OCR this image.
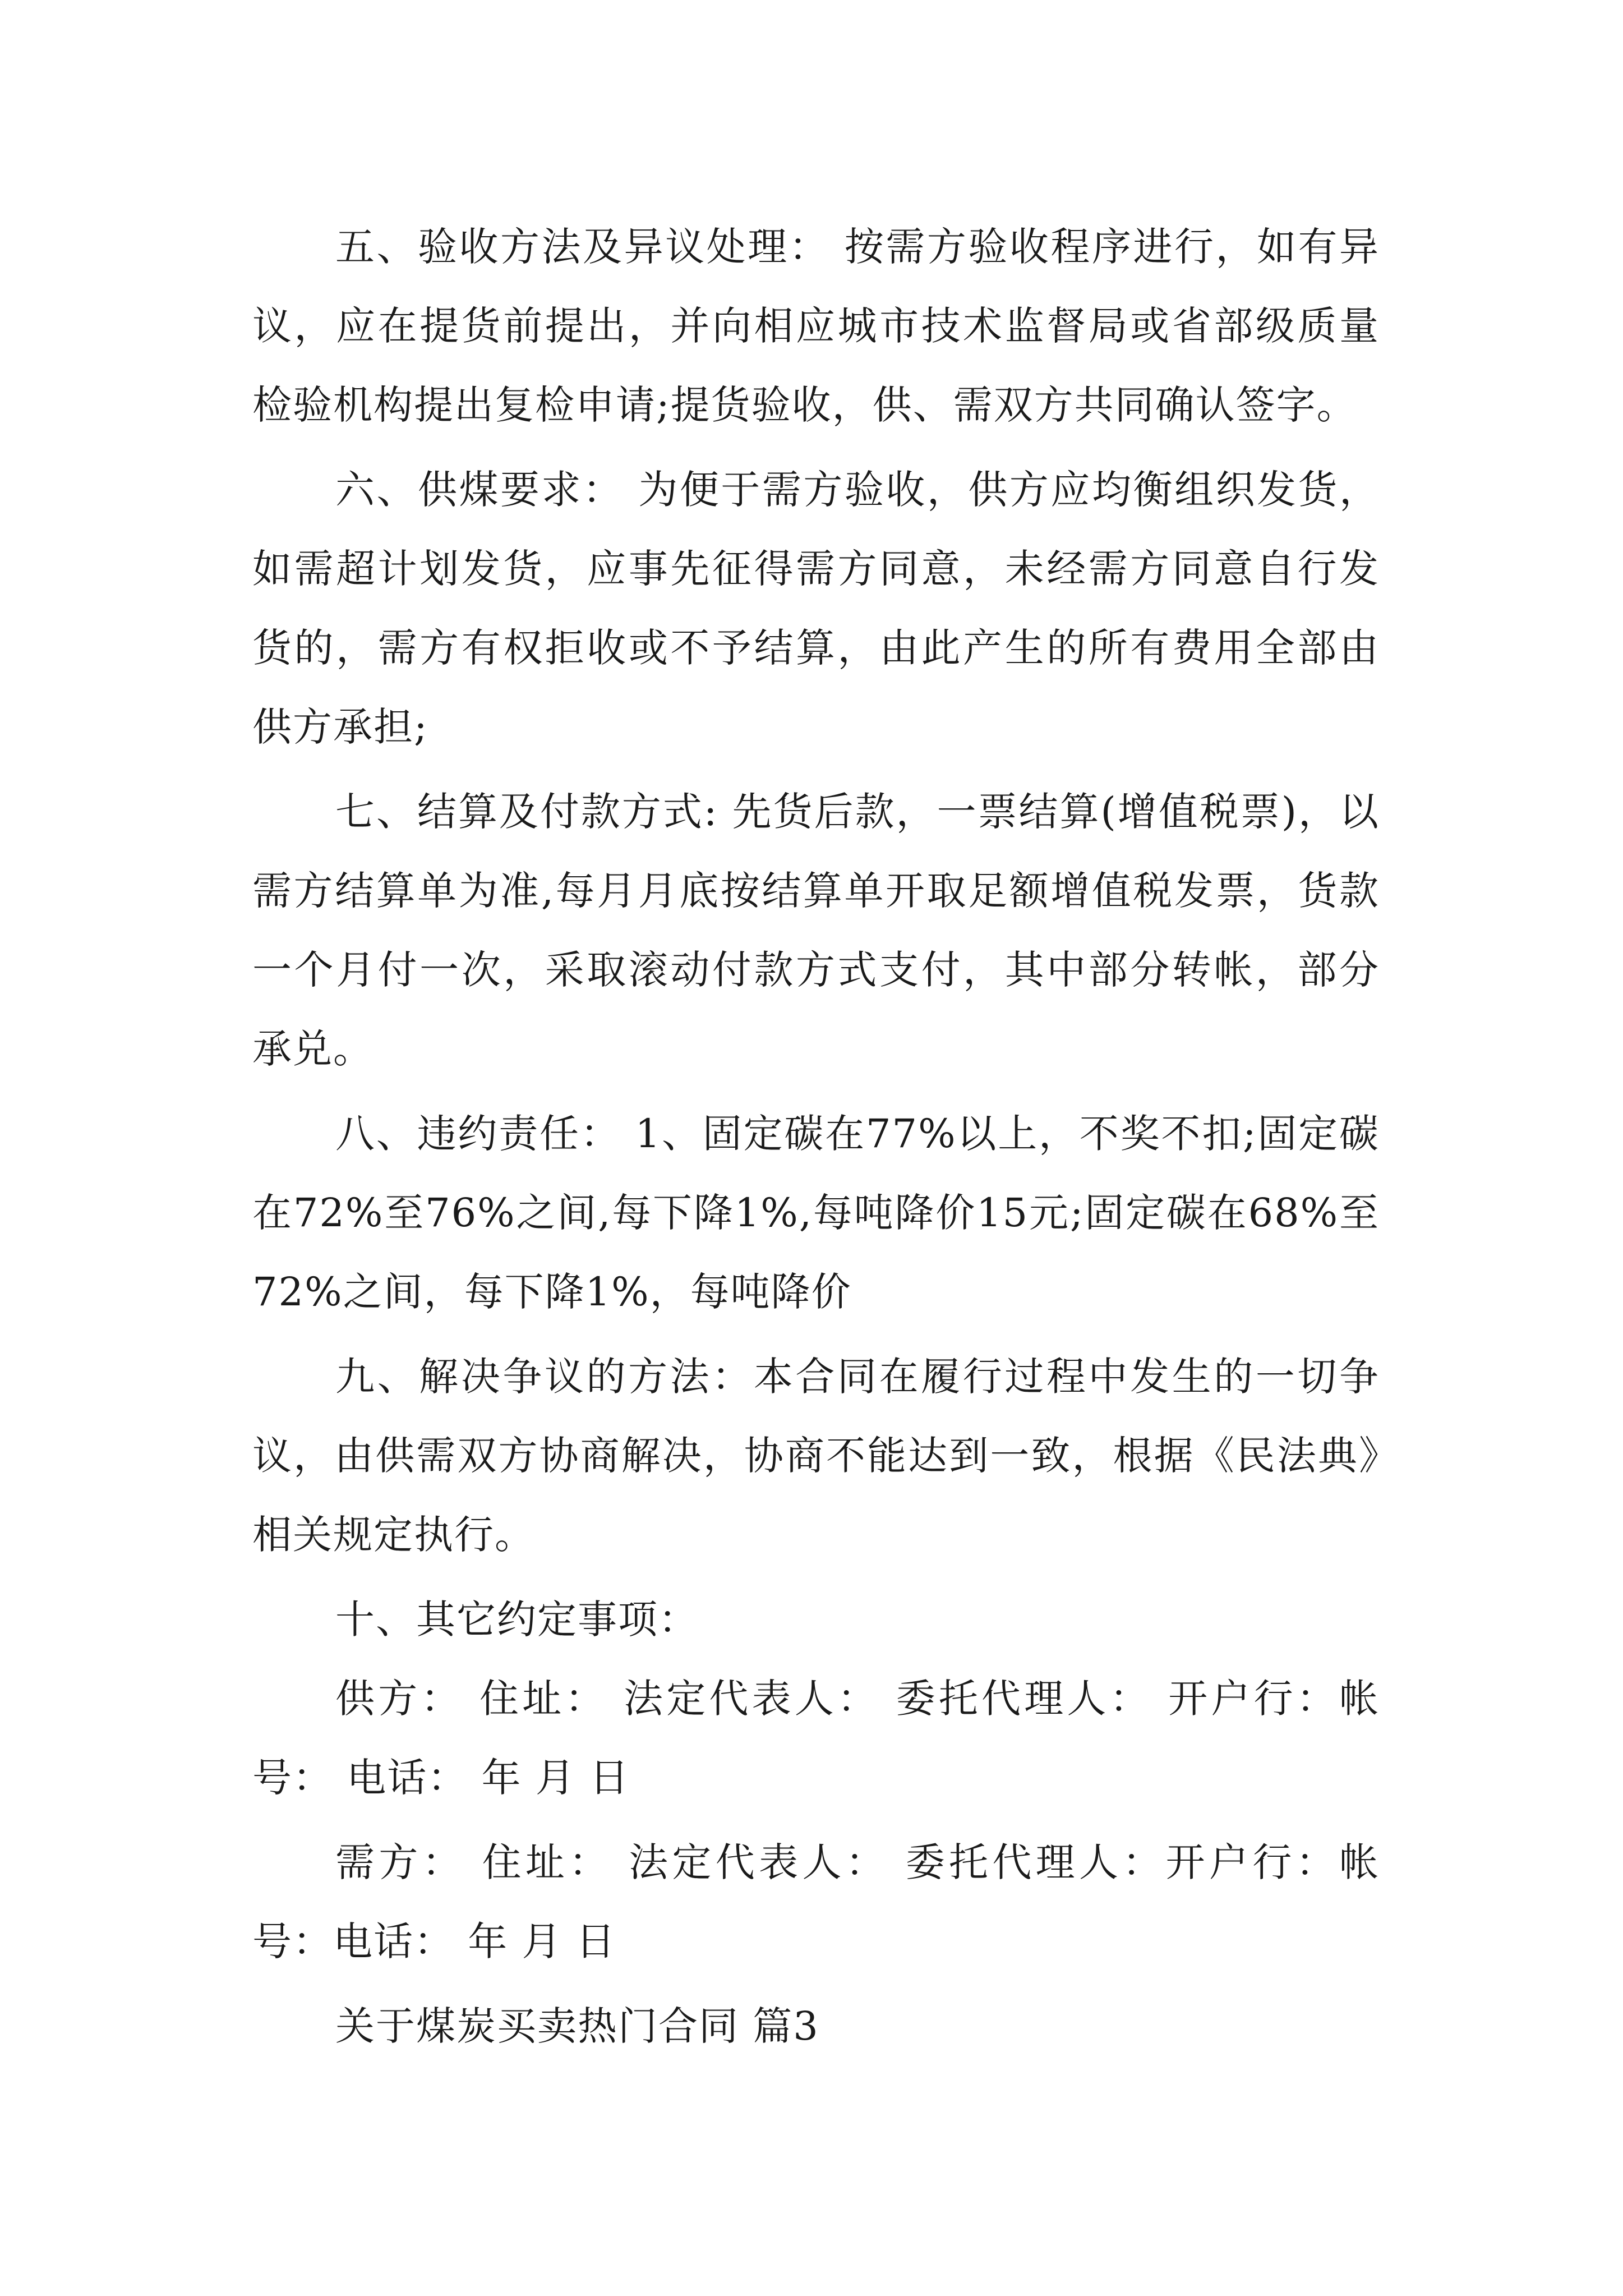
五、验收方法及异议处理： 按需方验收程序进行，如有异议，应在提货前提出，并向相应城市技术监督局或省部级质量检验机构提出复检申请;提货验收，供、需双方共同确认签字。

六、供煤要求： 为便于需方验收，供方应均衡组织发货，如需超计划发货，应事先征得需方同意，未经需方同意自行发货的，需方有权拒收或不予结算，由此产生的所有费用全部由供方承担;

七、结算及付款方式: 先货后款，一票结算(增值税票)，以需方结算单为准,每月月底按结算单开取足额增值税发票，货款一个月付一次，采取滚动付款方式支付，其中部分转帐，部分承兑。

八、违约责任： 1、固定碳在77%以上，不奖不扣;固定碳在72%至76%之间,每下降1%,每吨降价15元;固定碳在68%至72%之间，每下降1%，每吨降价

九、解决争议的方法：本合同在履行过程中发生的一切争议，由供需双方协商解决，协商不能达到一致，根据《民法典》相关规定执行。

十、其它约定事项：

供方： 住址： 法定代表人： 委托代理人： 开户行：帐号： 电话： 年 月 日

需方： 住址： 法定代表人： 委托代理人：开户行：帐号：电话： 年 月 日

关于煤炭买卖热门合同 篇3
